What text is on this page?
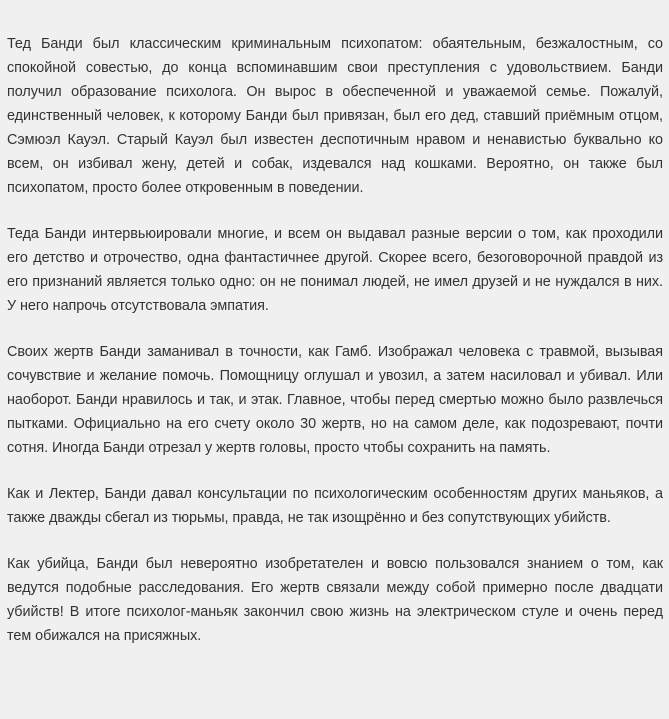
Тед Банди был классическим криминальным психопатом: обаятельным, безжалостным, со спокойной совестью, до конца вспоминавшим свои преступления с удовольствием. Банди получил образование психолога. Он вырос в обеспеченной и уважаемой семье. Пожалуй, единственный человек, к которому Банди был привязан, был его дед, ставший приёмным отцом, Сэмюэл Кауэл. Старый Кауэл был известен деспотичным нравом и ненавистью буквально ко всем, он избивал жену, детей и собак, издевался над кошками. Вероятно, он также был психопатом, просто более откровенным в поведении.

Теда Банди интервьюировали многие, и всем он выдавал разные версии о том, как проходили его детство и отрочество, одна фантастичнее другой. Скорее всего, безоговорочной правдой из его признаний является только одно: он не понимал людей, не имел друзей и не нуждался в них. У него напрочь отсутствовала эмпатия.

Своих жертв Банди заманивал в точности, как Гамб. Изображал человека с травмой, вызывая сочувствие и желание помочь. Помощницу оглушал и увозил, а затем насиловал и убивал. Или наоборот. Банди нравилось и так, и этак. Главное, чтобы перед смертью можно было развлечься пытками. Официально на его счету около 30 жертв, но на самом деле, как подозревают, почти сотня. Иногда Банди отрезал у жертв головы, просто чтобы сохранить на память.

Как и Лектер, Банди давал консультации по психологическим особенностям других маньяков, а также дважды сбегал из тюрьмы, правда, не так изощрённо и без сопутствующих убийств.

Как убийца, Банди был невероятно изобретателен и вовсю пользовался знанием о том, как ведутся подобные расследования. Его жертв связали между собой примерно после двадцати убийств! В итоге психолог-маньяк закончил свою жизнь на электрическом стуле и очень перед тем обижался на присяжных.
